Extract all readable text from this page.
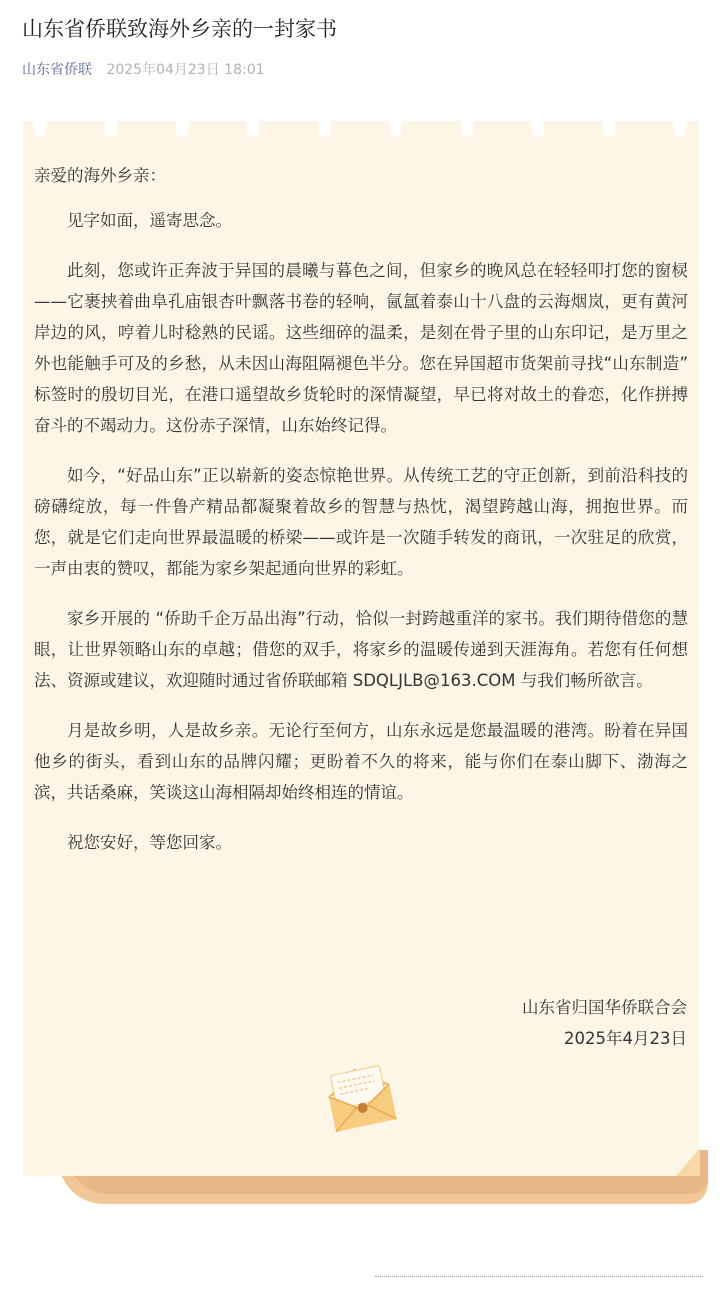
山东省侨联致海外乡亲的一封家书
山东省侨联 2025年04月23日 18:01

亲爱的海外乡亲：

见字如面，遥寄思念。

此刻，您或许正奔波于异国的晨曦与暮色之间，但家乡的晚风总在轻轻叩打您的窗棂——它裹挟着曲阜孔庙银杏叶飘落书卷的轻响，氤氲着泰山十八盘的云海烟岚，更有黄河岸边的风，哼着儿时稔熟的民谣。这些细碎的温柔，是刻在骨子里的山东印记，是万里之外也能触手可及的乡愁，从未因山海阻隔褪色半分。您在异国超市货架前寻找“山东制造” 标签时的殷切目光，在港口遥望故乡货轮时的深情凝望，早已将对故土的眷恋，化作拼搏奋斗的不竭动力。这份赤子深情，山东始终记得。

如今，“好品山东”正以崭新的姿态惊艳世界。从传统工艺的守正创新，到前沿科技的磅礴绽放，每一件鲁产精品都凝聚着故乡的智慧与热忱，渴望跨越山海，拥抱世界。而您，就是它们走向世界最温暖的桥梁——或许是一次随手转发的商讯，一次驻足的欣赏，一声由衷的赞叹，都能为家乡架起通向世界的彩虹。

家乡开展的 “侨助千企万品出海”行动，恰似一封跨越重洋的家书。我们期待借您的慧眼，让世界领略山东的卓越；借您的双手，将家乡的温暖传递到天涯海角。若您有任何想法、资源或建议，欢迎随时通过省侨联邮箱 SDQLJLB@163.COM 与我们畅所欲言。

月是故乡明，人是故乡亲。无论行至何方，山东永远是您最温暖的港湾。盼着在异国他乡的街头，看到山东的品牌闪耀；更盼着不久的将来，能与你们在泰山脚下、渤海之滨，共话桑麻，笑谈这山海相隔却始终相连的情谊。

祝您安好，等您回家。

山东省归国华侨联合会
2025年4月23日
